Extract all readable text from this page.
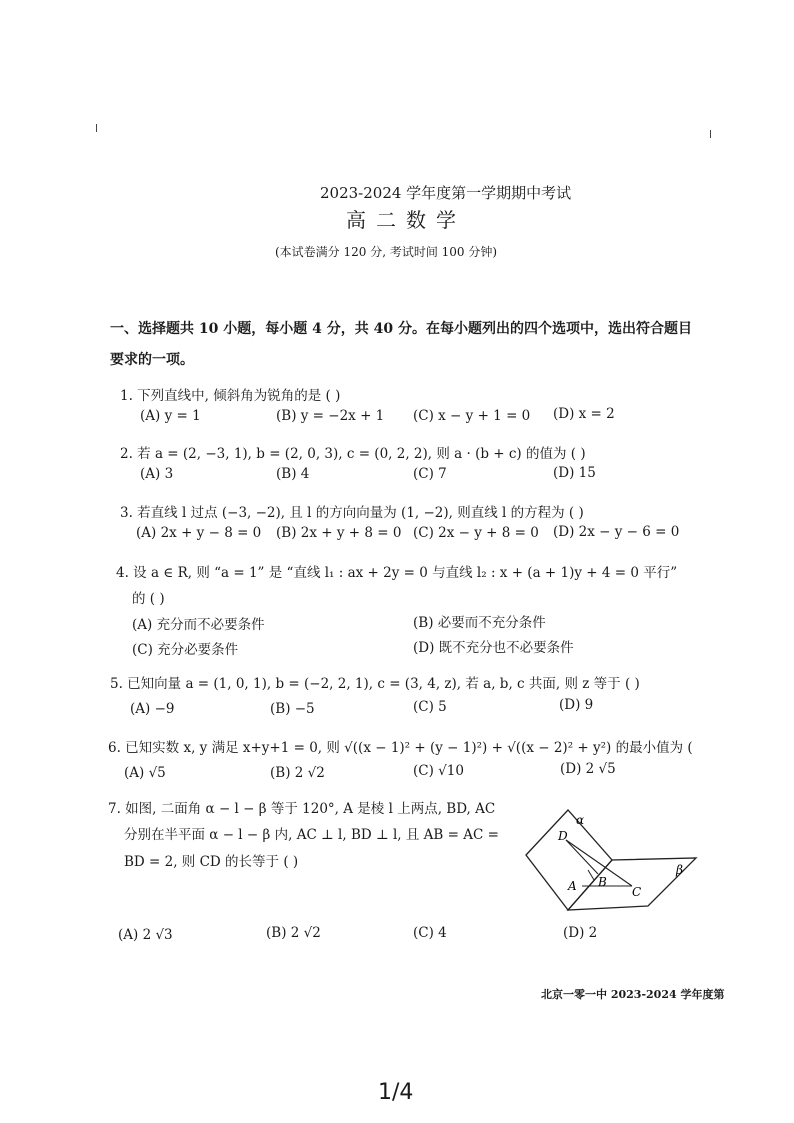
2023-2024 学年度第一学期期中考试
高二数学
(本试卷满分 120 分, 考试时间 100 分钟)
一、选择题共 10 小题，每小题 4 分，共 40 分。在每小题列出的四个选项中，选出符合题目
要求的一项。
1. 下列直线中, 倾斜角为锐角的是 ( )
(A) y = 1	(B) y = −2x + 1 (C) x − y + 1 = 0 (D) x = 2
2. 若 a = (2, −3, 1), b = (2, 0, 3), c = (0, 2, 2), 则 a · (b + c) 的值为 ( )
(A) 3	(B) 4	(C) 7	(D) 15
3. 若直线 l 过点 (−3, −2), 且 l 的方向向量为 (1, −2), 则直线 l 的方程为 ( )
(A) 2x + y − 8 = 0 (B) 2x + y + 8 = 0 (C) 2x − y + 8 = 0 (D) 2x − y − 6 = 0
4. 设 a ∈ R, 则 “a = 1” 是 “直线 l₁ : ax + 2y = 0 与直线 l₂ : x + (a + 1)y + 4 = 0 平行”
的 ( )
(A) 充分而不必要条件	(B) 必要而不充分条件
(C) 充分必要条件	(D) 既不充分也不必要条件
5. 已知向量 a = (1, 0, 1), b = (−2, 2, 1), c = (3, 4, z), 若 a, b, c 共面, 则 z 等于 ( )
(A) −9	(B) −5	(C) 5	(D) 9
6. 已知实数 x, y 满足 x+y+1 = 0, 则 √((x − 1)² + (y − 1)²) + √((x − 2)² + y²) 的最小值为 (
(A) √5	(B) 2 √2	(C) √10	(D) 2 √5
7. 如图, 二面角 α − l − β 等于 120°, A 是棱 l 上两点, BD, AC
分别在半平面 α − l − β 内, AC ⊥ l, BD ⊥ l, 且 AB = AC =
BD = 2, 则 CD 的长等于 ( )
(A) 2 √3	(B) 2 √2	(C) 4	(D) 2
D
α
β
A B
C
北京一零一中 2023-2024 学年度第
1/4
